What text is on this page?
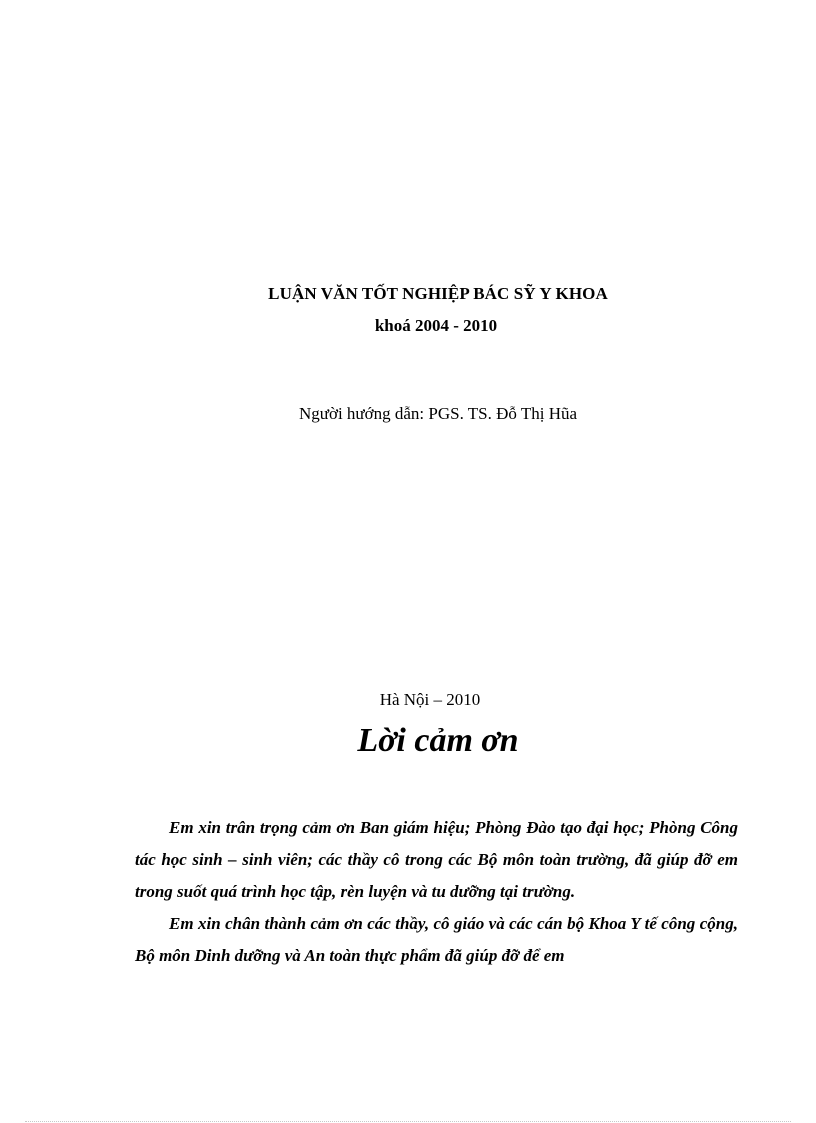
LUẬN VĂN TỐT NGHIỆP BÁC SỸ Y KHOA
khoá 2004 - 2010
Người hướng dẫn: PGS. TS. Đỗ Thị Hũa
Hà Nội – 2010
Lời cảm ơn

Em xin trân trọng cảm ơn Ban giám hiệu; Phòng Đào tạo đại học; Phòng Công tác học sinh – sinh viên; các thầy cô trong các Bộ môn toàn trường, đã giúp đỡ em trong suốt quá trình học tập, rèn luyện và tu dưỡng tại trường.

Em xin chân thành cảm ơn các thầy, cô giáo và các cán bộ Khoa Y tế công cộng, Bộ môn Dinh dưỡng và An toàn thực phẩm đã giúp đỡ để em
